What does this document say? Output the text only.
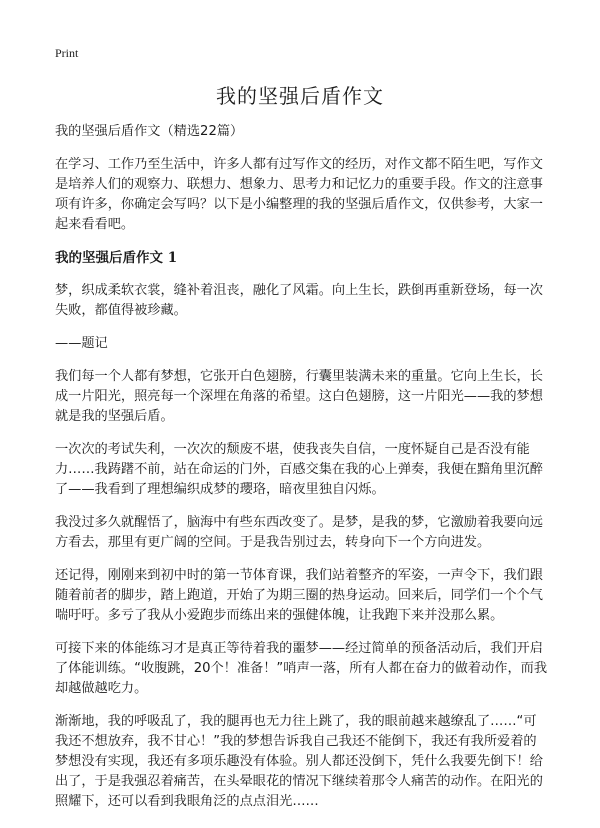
Print
我的坚强后盾作文

我的坚强后盾作文（精选22篇）

在学习、工作乃至生活中，许多人都有过写作文的经历，对作文都不陌生吧，写作文是培养人们的观察力、联想力、想象力、思考力和记忆力的重要手段。作文的注意事项有许多，你确定会写吗？以下是小编整理的我的坚强后盾作文，仅供参考，大家一起来看看吧。

我的坚强后盾作文 1

梦，织成柔软衣裳，缝补着沮丧，融化了风霜。向上生长，跌倒再重新登场，每一次失败，都值得被珍藏。

——题记

我们每一个人都有梦想，它张开白色翅膀，行囊里装满未来的重量。它向上生长，长成一片阳光，照亮每一个深埋在角落的希望。这白色翅膀，这一片阳光——我的梦想就是我的坚强后盾。

一次次的考试失利，一次次的颓废不堪，使我丧失自信，一度怀疑自己是否没有能力……我踌躇不前，站在命运的门外，百感交集在我的心上弹奏，我便在黯角里沉醉了——我看到了理想编织成梦的瓔珞，暗夜里独自闪烁。

我没过多久就醒悟了，脑海中有些东西改变了。是梦，是我的梦，它激励着我要向远方看去，那里有更广阔的空间。于是我告别过去，转身向下一个方向进发。

还记得，刚刚来到初中时的第一节体育课，我们站着整齐的军姿，一声令下，我们跟随着前者的脚步，踏上跑道，开始了为期三圈的热身运动。回来后，同学们一个个气喘吁吁。多亏了我从小爱跑步而练出来的强健体魄，让我跑下来并没那么累。

可接下来的体能练习才是真正等待着我的噩梦——经过简单的预备活动后，我们开启了体能训练。“收腹跳，20个！准备！”哨声一落，所有人都在奋力的做着动作，而我却越做越吃力。

渐渐地，我的呼吸乱了，我的腿再也无力往上跳了，我的眼前越来越缭乱了……“可我还不想放弃，我不甘心！”我的梦想告诉我自己我还不能倒下，我还有我所爱着的梦想没有实现，我还有多项乐趣没有体验。别人都还没倒下，凭什么我要先倒下！给出了，于是我强忍着痛苦，在头晕眼花的情况下继续着那令人痛苦的动作。在阳光的照耀下，还可以看到我眼角泛的点点泪光……
